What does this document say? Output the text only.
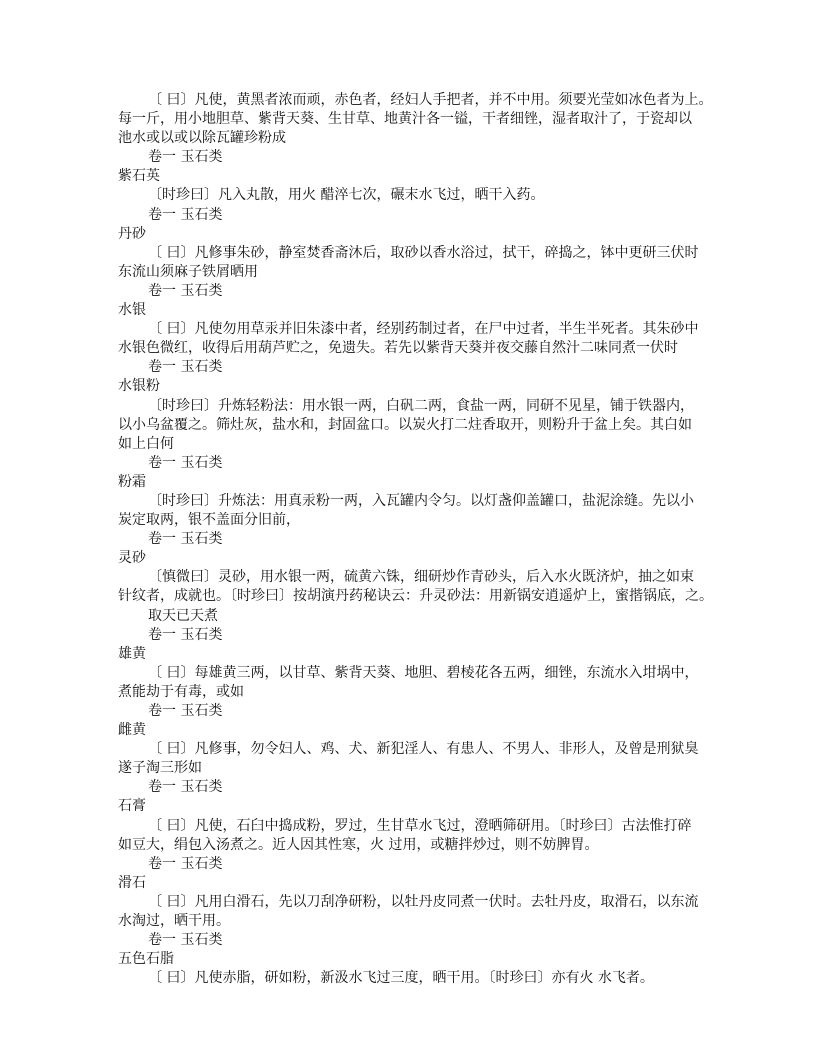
〔 曰〕凡使，黄黑者浓而顽，赤色者，经妇人手把者，并不中用。须要光莹如冰色者为上。
每一斤，用小地胆草、紫背天葵、生甘草、地黄汁各一镒，干者细锉，湿者取汁了，于瓷却以
池水或以或以除瓦罐珍粉成
卷一 玉石类
紫石英
〔时珍曰〕凡入丸散，用火 醋淬七次，碾末水飞过，晒干入药。
卷一 玉石类
丹砂
〔 曰〕凡修事朱砂，静室焚香斋沐后，取砂以香水浴过，拭干，碎捣之，钵中更研三伏时
东流山须麻子铁屑晒用
卷一 玉石类
水银
〔 曰〕凡使勿用草汞并旧朱漆中者，经别药制过者，在尸中过者，半生半死者。其朱砂中
水银色微红，收得后用葫芦贮之，免遗失。若先以紫背天葵并夜交藤自然汁二味同煮一伏时
卷一 玉石类
水银粉
〔时珍曰〕升炼轻粉法：用水银一两，白矾二两，食盐一两，同研不见星，铺于铁器内，
以小乌盆覆之。筛灶灰，盐水和，封固盆口。以炭火打二炷香取开，则粉升于盆上矣。其白如
如上白何
卷一 玉石类
粉霜
〔时珍曰〕升炼法：用真汞粉一两，入瓦罐内令匀。以灯盏仰盖罐口，盐泥涂缝。先以小
炭定取两，银不盖面分旧前，
卷一 玉石类
灵砂
〔慎微曰〕灵砂，用水银一两，硫黄六铢，细研炒作青砂头，后入水火既济炉，抽之如束
针纹者，成就也。〔时珍曰〕按胡演丹药秘诀云：升灵砂法：用新锅安逍遥炉上，蜜揩锅底，之。
取天已天煮
卷一 玉石类
雄黄
〔 曰〕每雄黄三两，以甘草、紫背天葵、地胆、碧棱花各五两，细锉，东流水入坩埚中，
煮能劫于有毒，或如
卷一 玉石类
雌黄
〔 曰〕凡修事，勿令妇人、鸡、犬、新犯淫人、有患人、不男人、非形人，及曾是刑狱臭
遂子淘三形如
卷一 玉石类
石膏
〔 曰〕凡使，石臼中捣成粉，罗过，生甘草水飞过，澄晒筛研用。〔时珍曰〕古法惟打碎
如豆大，绢包入汤煮之。近人因其性寒，火 过用，或糖拌炒过，则不妨脾胃。
卷一 玉石类
滑石
〔 曰〕凡用白滑石，先以刀刮净研粉，以牡丹皮同煮一伏时。去牡丹皮，取滑石，以东流
水淘过，晒干用。
卷一 玉石类
五色石脂
〔 曰〕凡使赤脂，研如粉，新汲水飞过三度，晒干用。〔时珍曰〕亦有火 水飞者。
